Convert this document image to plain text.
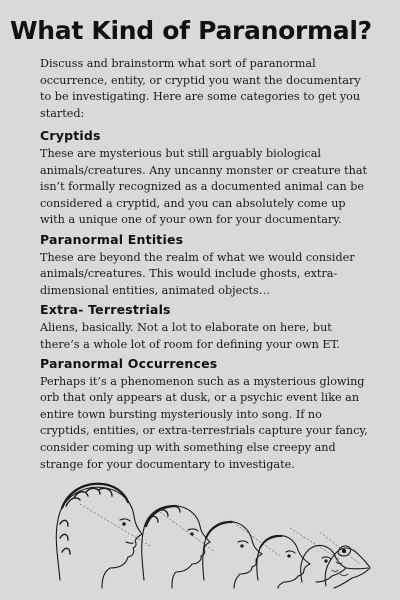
What Kind of Paranormal?

Discuss and brainstorm what sort of paranormal occurrence, entity, or cryptid you want the documentary to be investigating. Here are some categories to get you started:

Cryptids

These are mysterious but still arguably biological animals/creatures. Any uncanny monster or creature that isn’t formally recognized as a documented animal can be considered a cryptid, and you can absolutely come up with a unique one of your own for your documentary.

Paranormal Entities

These are beyond the realm of what we would consider animals/creatures. This would include ghosts, extra-dimensional entities, animated objects…

Extra- Terrestrials

Aliens, basically. Not a lot to elaborate on here, but there’s a whole lot of room for defining your own ET.

Paranormal Occurrences

Perhaps it’s a phenomenon such as a mysterious glowing orb that only appears at dusk, or a psychic event like an entire town bursting mysteriously into song. If no cryptids, entities, or extra-terrestrials capture your fancy, consider coming up with something else creepy and strange for your documentary to investigate.
